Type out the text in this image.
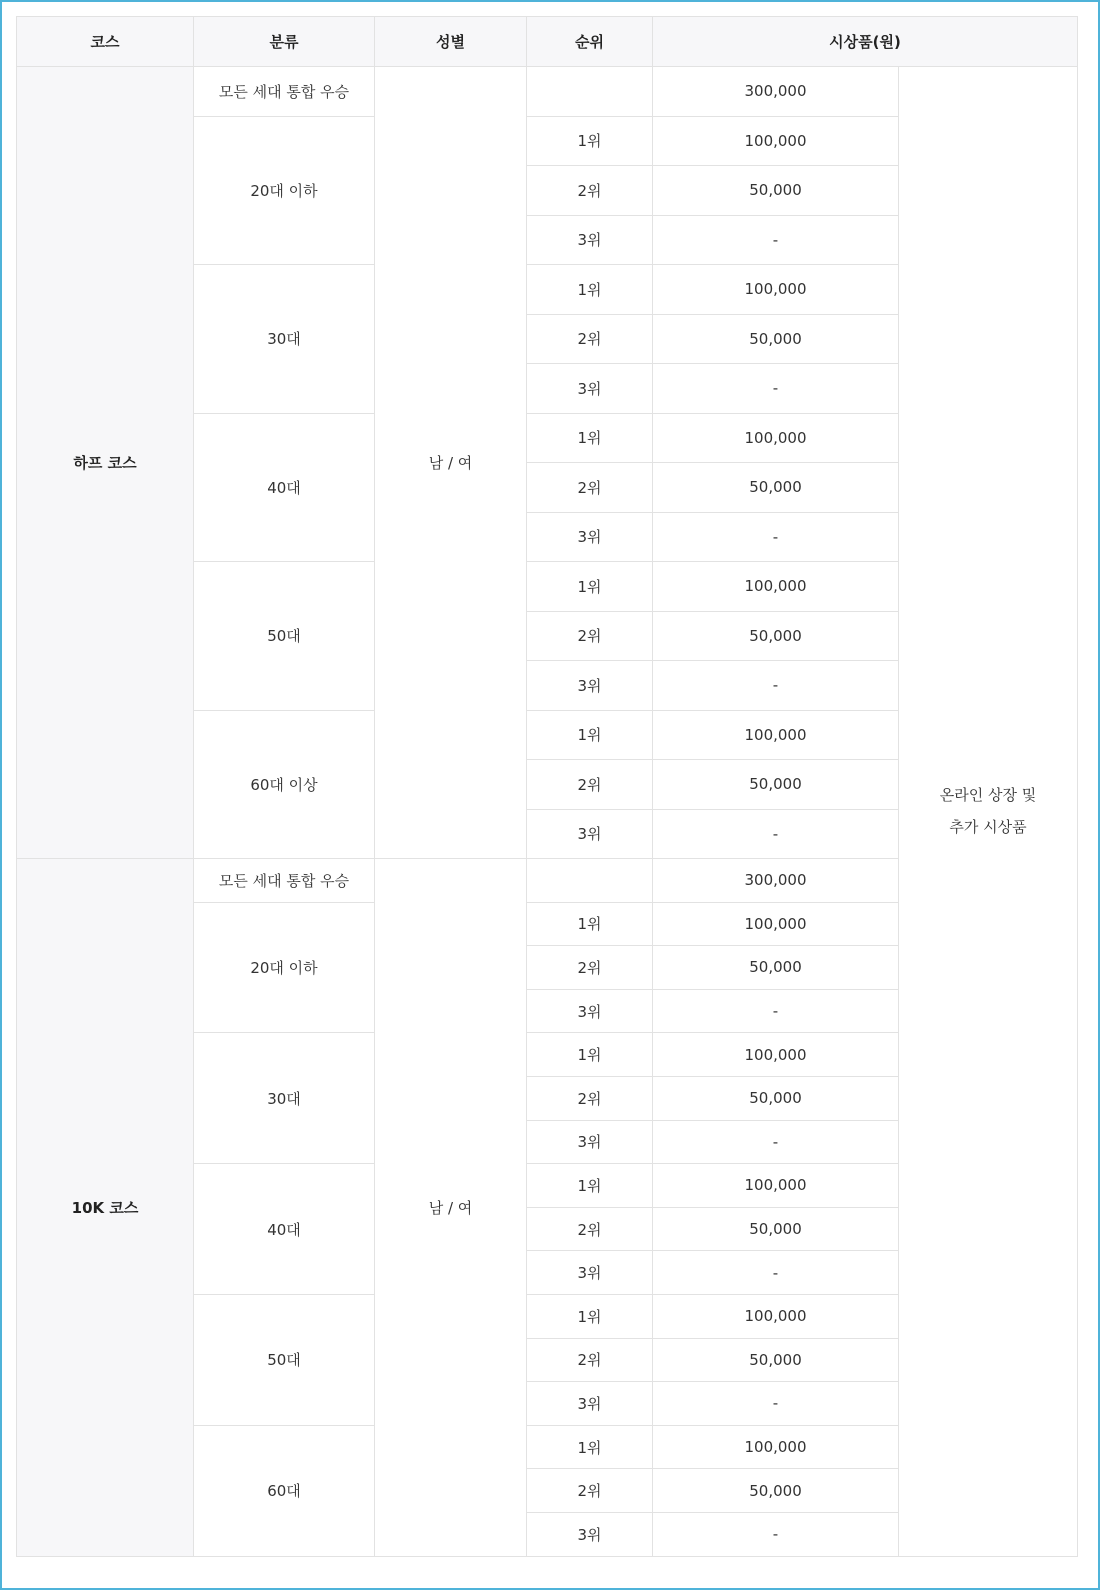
코스	분류	성별	순위	시상품(원)	
하프 코스	모든 세대 통합 우승	남 / 여		300,000	온라인 상장 및
추가 시상품
	20대 이하		1위	100,000	
			2위	50,000	
			3위	-	
	30대		1위	100,000	
			2위	50,000	
			3위	-	
	40대		1위	100,000	
			2위	50,000	
			3위	-	
	50대		1위	100,000	
			2위	50,000	
			3위	-	
	60대 이상		1위	100,000	
			2위	50,000	
			3위	-	
10K 코스	모든 세대 통합 우승	남 / 여		300,000	
	20대 이하		1위	100,000	
			2위	50,000	
			3위	-	
	30대		1위	100,000	
			2위	50,000	
			3위	-	
	40대		1위	100,000	
			2위	50,000	
			3위	-	
	50대		1위	100,000	
			2위	50,000	
			3위	-	
	60대		1위	100,000	
			2위	50,000	
			3위	-	
